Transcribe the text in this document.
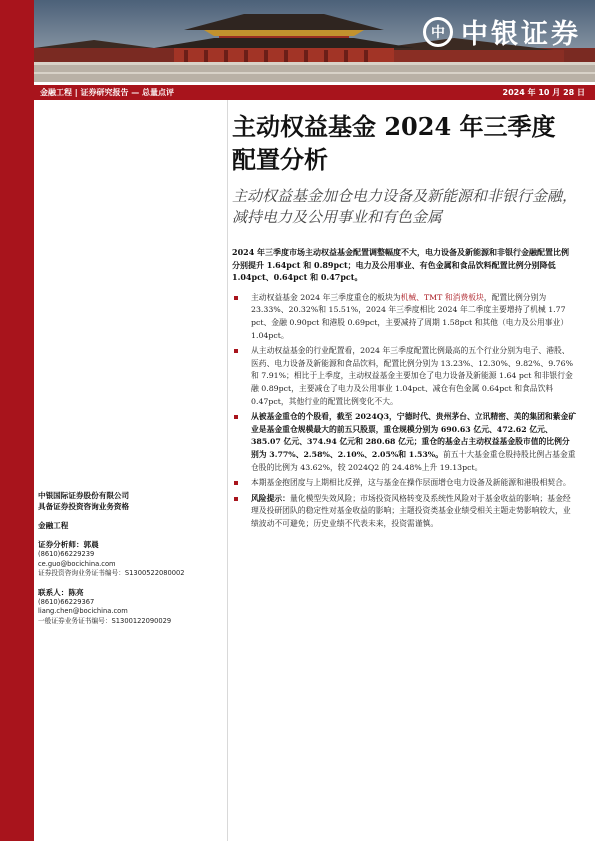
中 中银证券
金融工程 | 证券研究报告 — 总量点评	2024 年 10 月 28 日
中银国际证券股份有限公司
具备证券投资咨询业务资格
金融工程
证券分析师：郭晨
(8610)66229239
ce.guo@bocichina.com
证券投资咨询业务证书编号：S1300522080002
联系人：陈亮
(8610)66229367
liang.chen@bocichina.com
一般证券业务证书编号：S1300122090029
主动权益基金 2024 年三季度配置分析
主动权益基金加仓电力设备及新能源和非银行金融，减持电力及公用事业和有色金属
2024 年三季度市场主动权益基金配置调整幅度不大，电力设备及新能源和非银行金融配置比例分别提升 1.64pct 和 0.89pct；电力及公用事业、有色金属和食品饮料配置比例分别降低 1.04pct、0.64pct 和 0.47pct。
主动权益基金 2024 年三季度重仓的板块为机械、TMT 和消费板块，配置比例分别为 23.33%、20.32%和 15.51%，2024 年三季度相比 2024 年二季度主要增持了机械 1.77 pct、金融 0.90pct 和港股 0.69pct，主要减持了周期 1.58pct 和其他（电力及公用事业）1.04pct。
从主动权益基金的行业配置看，2024 年三季度配置比例最高的五个行业分别为电子、港股、医药、电力设备及新能源和食品饮料，配置比例分别为 13.23%、12.30%、9.82%、9.76%和 7.91%；相比于上季度，主动权益基金主要加仓了电力设备及新能源 1.64 pct 和非银行金融 0.89pct，主要减仓了电力及公用事业 1.04pct、减仓有色金属 0.64pct 和食品饮料 0.47pct，其他行业的配置比例变化不大。
从被基金重仓的个股看，截至 2024Q3，宁德时代、贵州茅台、立讯精密、美的集团和紫金矿业是基金重仓规模最大的前五只股票，重仓规模分别为 690.63 亿元、472.62 亿元、385.07 亿元、374.94 亿元和 280.68 亿元；重仓的基金占主动权益基金股市值的比例分别为 3.77%、2.58%、2.10%、2.05%和 1.53%。前五十大基金重仓股持股比例占基金重仓股的比例为 43.62%，较 2024Q2 的 24.48%上升 19.13pct。
本期基金抱团度与上期相比反弹，这与基金在操作层面增仓电力设备及新能源和港股相契合。
风险提示：量化模型失效风险；市场投资风格转变及系统性风险对于基金收益的影响；基金经理及投研团队的稳定性对基金收益的影响；主题投资类基金业绩受相关主题走势影响较大，业绩波动不可避免；历史业绩不代表未来，投资需谨慎。
